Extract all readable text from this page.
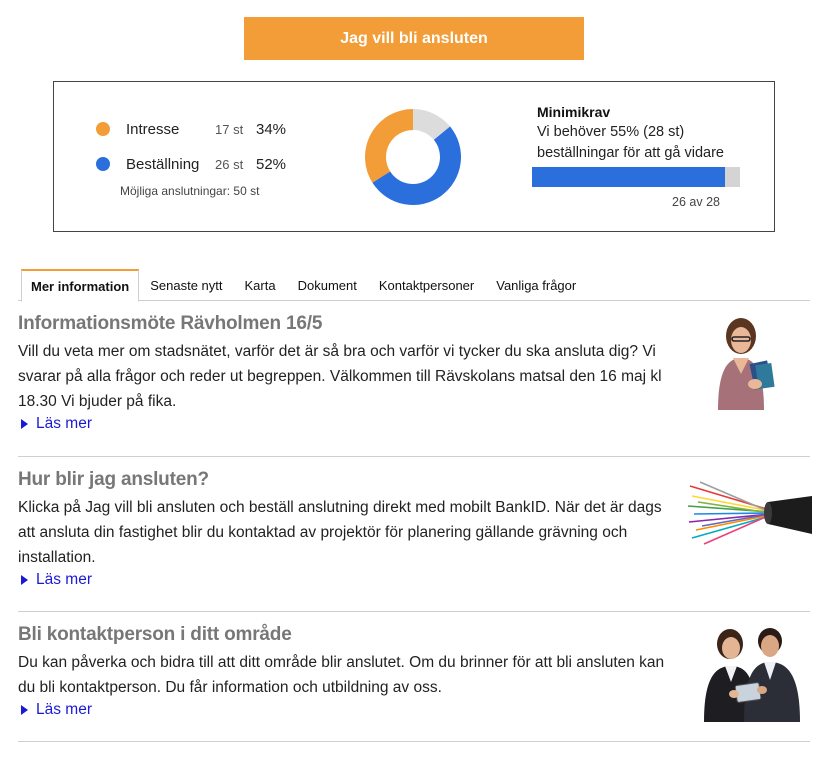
Jag vill bli ansluten
Intresse	17 st 34%
Beställning 26 st 52%
Möjliga anslutningar: 50 st
Minimikrav
Vi behöver 55% (28 st) beställningar för att gå vidare
26 av 28
Mer information	Senaste nytt	Karta	Dokument	Kontaktpersoner	Vanliga frågor
Informationsmöte Rävholmen 16/5

Vill du veta mer om stadsnätet, varför det är så bra och varför vi tycker du ska ansluta dig? Vi svarar på alla frågor och reder ut begreppen. Välkommen till Rävskolans matsal den 16 maj kl 18.30 Vi bjuder på fika.

Läs mer
Hur blir jag ansluten?

Klicka på Jag vill bli ansluten och beställ anslutning direkt med mobilt BankID. När det är dags att ansluta din fastighet blir du kontaktad av projektör för planering gällande grävning och installation.

Läs mer
Bli kontaktperson i ditt område

Du kan påverka och bidra till att ditt område blir anslutet. Om du brinner för att bli ansluten kan du bli kontaktperson. Du får information och utbildning av oss.

Läs mer
